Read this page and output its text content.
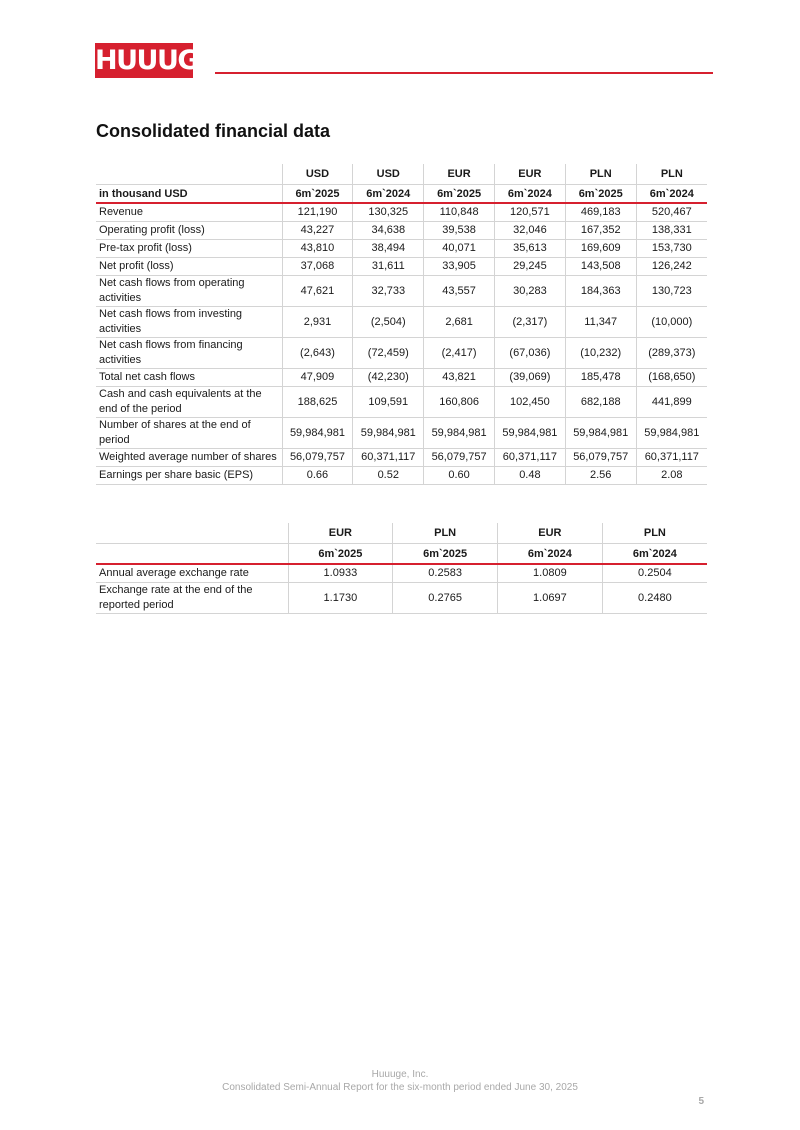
HUUUGE
Consolidated financial data
	USD	USD	EUR	EUR	PLN	PLN
in thousand USD	6m`2025	6m`2024	6m`2025	6m`2024	6m`2025	6m`2024
Revenue	121,190	130,325	110,848	120,571	469,183	520,467
Operating profit (loss)	43,227	34,638	39,538	32,046	167,352	138,331
Pre-tax profit (loss)	43,810	38,494	40,071	35,613	169,609	153,730
Net profit (loss)	37,068	31,611	33,905	29,245	143,508	126,242
Net cash flows from operating activities	47,621	32,733	43,557	30,283	184,363	130,723
Net cash flows from investing activities	2,931	(2,504)	2,681	(2,317)	11,347	(10,000)
Net cash flows from financing activities	(2,643)	(72,459)	(2,417)	(67,036)	(10,232)	(289,373)
Total net cash flows	47,909	(42,230)	43,821	(39,069)	185,478	(168,650)
Cash and cash equivalents at the end of the period	188,625	109,591	160,806	102,450	682,188	441,899
Number of shares at the end of period	59,984,981	59,984,981	59,984,981	59,984,981	59,984,981	59,984,981
Weighted average number of shares	56,079,757	60,371,117	56,079,757	60,371,117	56,079,757	60,371,117
Earnings per share basic (EPS)	0.66	0.52	0.60	0.48	2.56	2.08
	EUR	PLN	EUR	PLN
	6m`2025	6m`2025	6m`2024	6m`2024
Annual average exchange rate	1.0933	0.2583	1.0809	0.2504
Exchange rate at the end of the reported period	1.1730	0.2765	1.0697	0.2480
Huuuge, Inc.
Consolidated Semi-Annual Report for the six-month period ended June 30, 2025
5
